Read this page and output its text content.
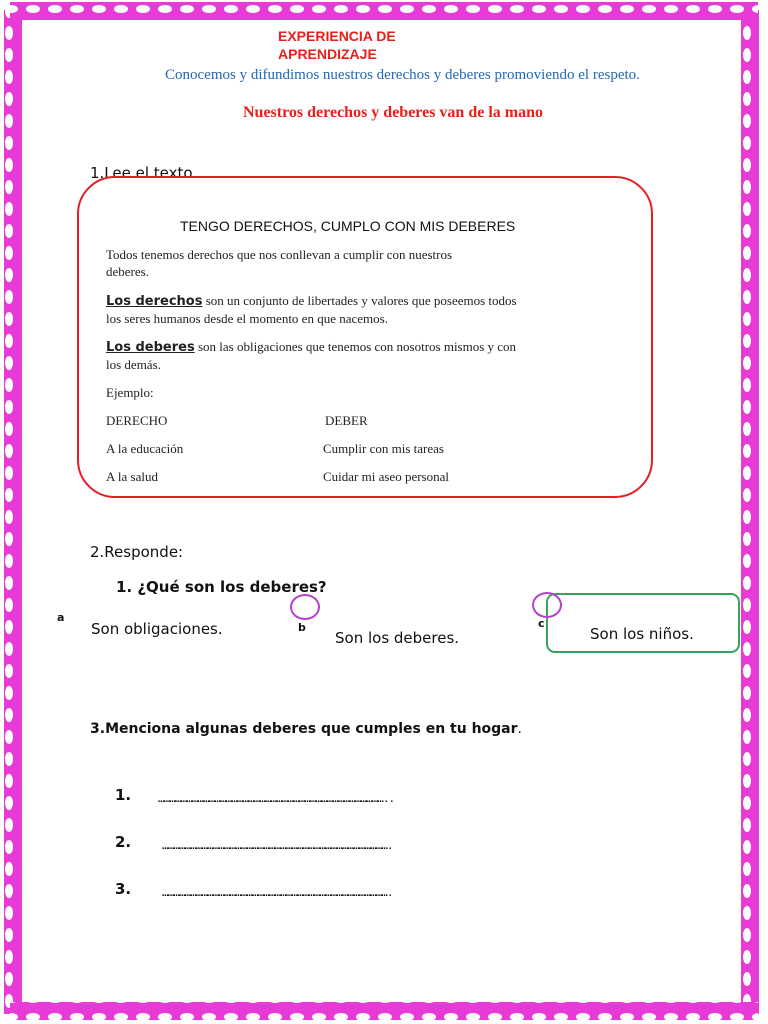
EXPERIENCIA DE
APRENDIZAJE
Conocemos y difundimos nuestros derechos y deberes promoviendo el respeto.
Nuestros derechos y deberes van de la mano
1.Lee el texto.
TENGO DERECHOS, CUMPLO CON MIS DEBERES
Todos tenemos derechos que nos conllevan a cumplir con nuestros
deberes.
Los derechos son un conjunto de libertades y valores que poseemos todos
los seres humanos desde el momento en que nacemos.
Los deberes son las obligaciones que tenemos con nosotros mismos y con
los demás.
Ejemplo:
DERECHO	DEBER
A la educación	Cumplir con mis tareas
A la salud	Cuidar mi aseo personal
2.Responde:
1. ¿Qué son los deberes?
a
Son obligaciones.	b
Son los deberes.
c
Son los niños.
3.Menciona algunas deberes que cumples en tu hogar.
1. …………………………………………………………………………………………………………..
2.	………………………………………………………………………………………………………….
3.	………………………………………………………………………………………………………….
